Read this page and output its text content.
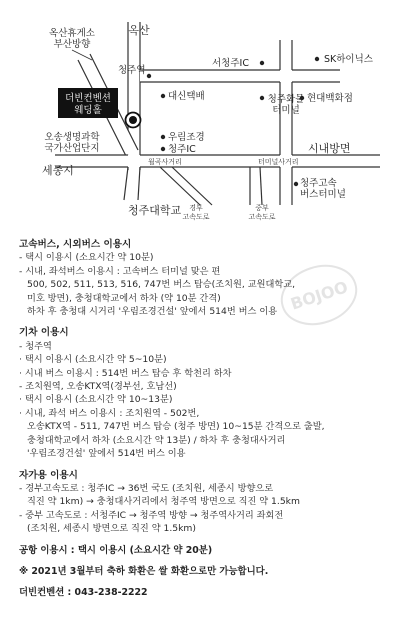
더빈컨벤션
웨딩홀
옥산휴게소
부산방향
옥산
청주역
오송생명과학
국가산업단지
세종시
대신택배
우림조경
청주IC
월곡사거리
서청주IC	SK하이닉스
청주화물
터미널
현대백화점
터미널사거리
시내방면
청주고속
버스터미널
청주대학교 경부
고속도로
중부
고속도로
BOJOO
고속버스, 시외버스 이용시
- 택시 이용시 (소요시간 약 10분)
- 시내, 좌석버스 이용시 : 고속버스 터미널 맞은 편
500, 502, 511, 513, 516, 747번 버스 탑승(조치원, 교원대학교,
미호 방면), 충청대학교에서 하차 (약 10분 간격)
하차 후 충청대 시거리 '우림조경건설' 앞에서 514번 버스 이용
기차 이용시
- 청주역
· 택시 이용시 (소요시간 약 5~10분)
· 시내 버스 이용시 : 514번 버스 탑승 후 학천리 하차
- 조치원역, 오송KTX역(경부선, 호남선)
· 택시 이용시 (소요시간 약 10~13분)
· 시내, 좌석 버스 이용시 : 조치원역 - 502번,
오송KTX역 - 511, 747번 버스 탑승 (청주 방면) 10~15분 간격으로 출발,
충청대학교에서 하차 (소요시간 약 13분) / 하차 후 충청대사거리
'우림조경건설' 앞에서 514번 버스 이용
자가용 이용시
- 경부고속도로 : 청주IC → 36번 국도 (조치원, 세종시 방향으로
직진 약 1km) → 충청대사거리에서 청주역 방면으로 직진 약 1.5km
- 중부 고속도로 : 서청주IC → 청주역 방향 → 청주역사거리 좌회전
(조치원, 세종시 방면으로 직진 약 1.5km)
공항 이용시 : 택시 이용시 (소요시간 약 20분)
※ 2021년 3월부터 축하 화환은 쌀 화환으로만 가능합니다.
더빈컨벤션 : 043-238-2222
